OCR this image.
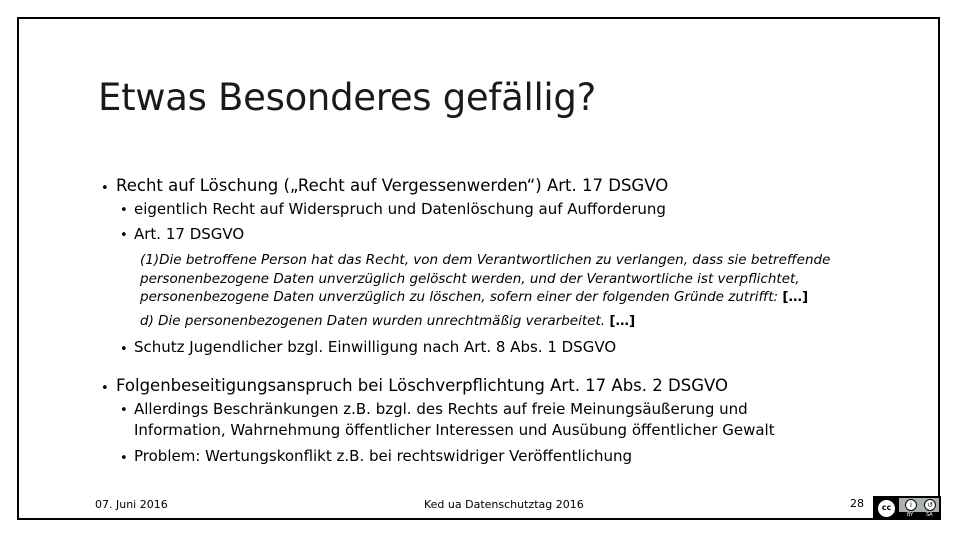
Etwas Besonderes gefällig?
• Recht auf Löschung („Recht auf Vergessenwerden“) Art. 17 DSGVO
• eigentlich Recht auf Widerspruch und Datenlöschung auf Aufforderung
• Art. 17 DSGVO
(1)Die betroffene Person hat das Recht, von dem Verantwortlichen zu verlangen, dass sie betreffende
personenbezogene Daten unverzüglich gelöscht werden, und der Verantwortliche ist verpflichtet,
personenbezogene Daten unverzüglich zu löschen, sofern einer der folgenden Gründe zutrifft: […]
d) Die personenbezogenen Daten wurden unrechtmäßig verarbeitet. […]
• Schutz Jugendlicher bzgl. Einwilligung nach Art. 8 Abs. 1 DSGVO
• Folgenbeseitigungsanspruch bei Löschverpflichtung Art. 17 Abs. 2 DSGVO
• Allerdings Beschränkungen z.B. bzgl. des Rechts auf freie Meinungsäußerung und
Information, Wahrnehmung öffentlicher Interessen und Ausübung öffentlicher Gewalt
• Problem: Wertungskonflikt z.B. bei rechtswidriger Veröffentlichung
07. Juni 2016	Ked ua Datenschutztag 2016	28	cc	i	↺
BY	SA
